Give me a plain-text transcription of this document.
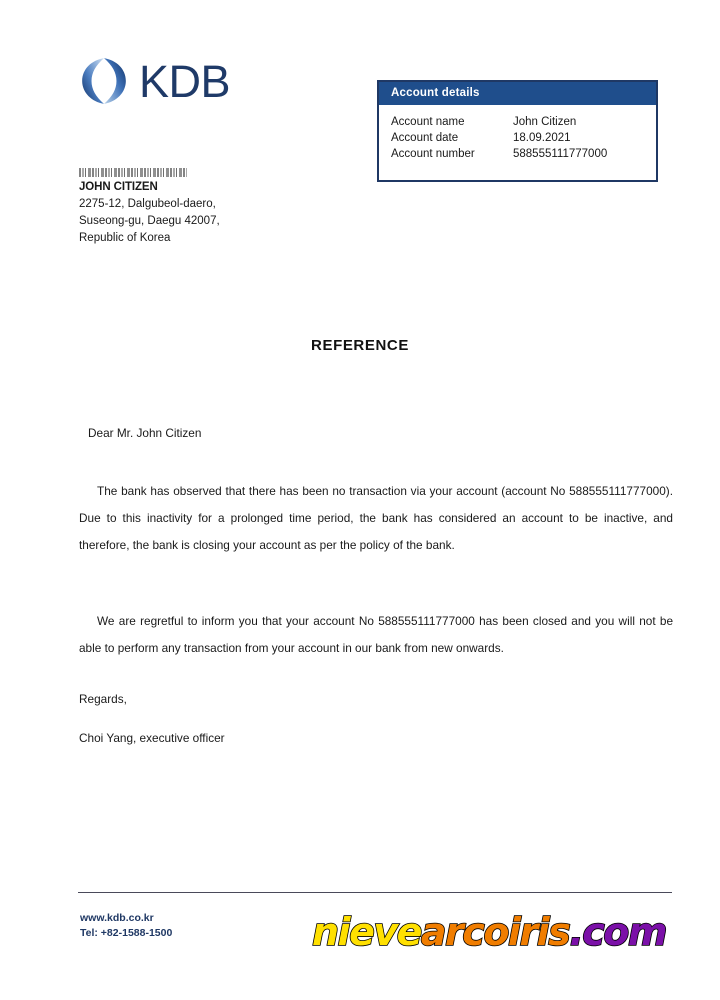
KDB	Account details
Account name	John Citizen
Account date	18.09.2021
Account number	588555111777000
JOHN CITIZEN
2275-12, Dalgubeol-daero,
Suseong-gu, Daegu 42007,
Republic of Korea
REFERENCE
Dear Mr. John Citizen

The bank has observed that there has been no transaction via your account (account No 588555111777000). Due to this inactivity for a prolonged time period, the bank has considered an account to be inactive, and therefore, the bank is closing your account as per the policy of the bank.

We are regretful to inform you that your account No 588555111777000 has been closed and you will not be able to perform any transaction from your account in our bank from new onwards.

Regards,
Choi Yang, executive officer
www.kdb.co.kr
Tel: +82-1588-1500	nievearcoiris.com
